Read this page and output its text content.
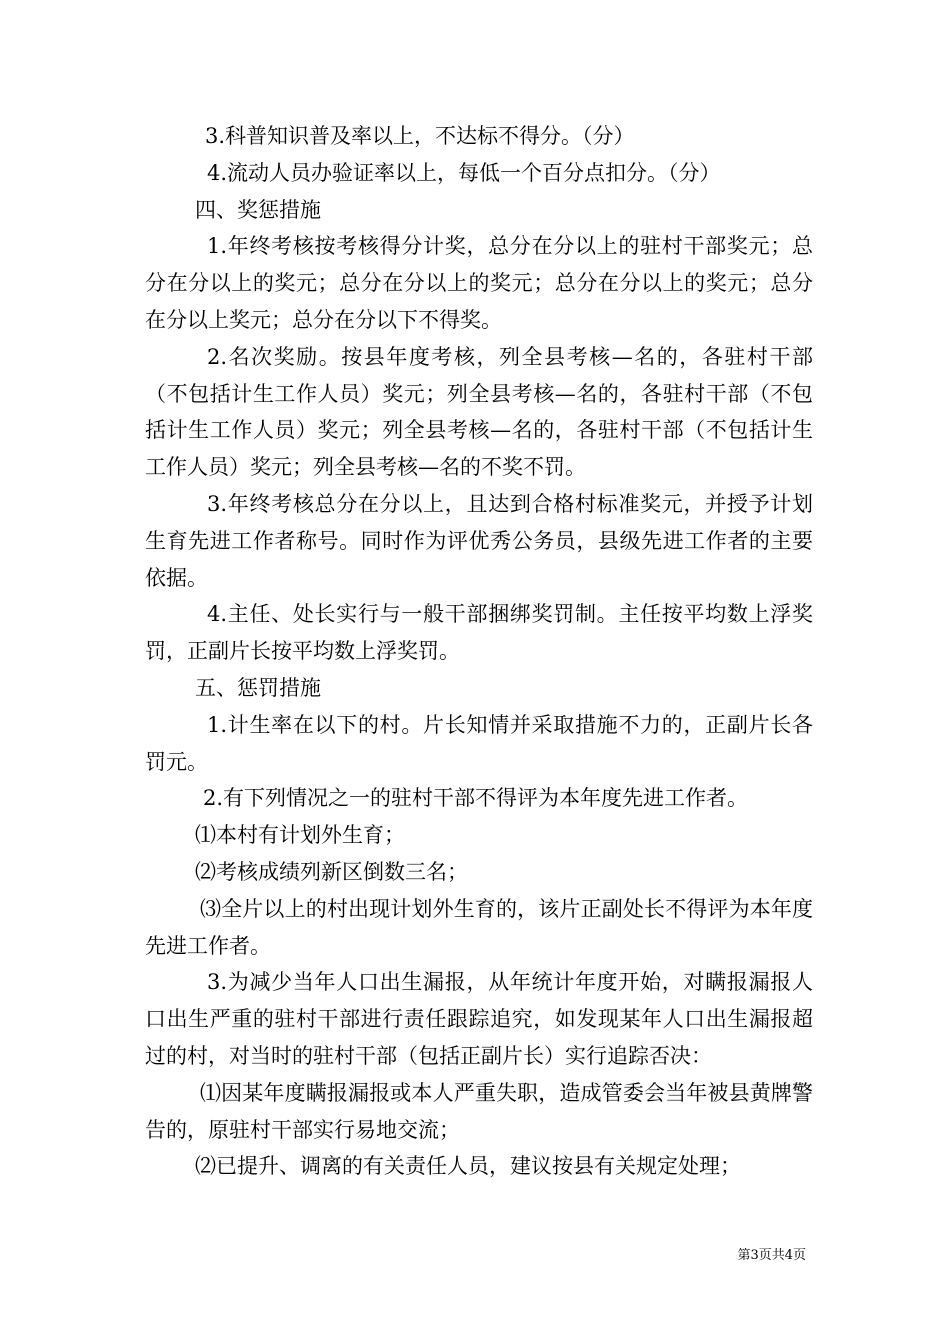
3.科普知识普及率以上，不达标不得分。（分）

4.流动人员办验证率以上，每低一个百分点扣分。（分）

四、奖惩措施

1.年终考核按考核得分计奖，总分在分以上的驻村干部奖元；总分在分以上的奖元；总分在分以上的奖元；总分在分以上的奖元；总分在分以上奖元；总分在分以下不得奖。

2.名次奖励。按县年度考核，列全县考核—名的，各驻村干部（不包括计生工作人员）奖元；列全县考核—名的，各驻村干部（不包括计生工作人员）奖元；列全县考核—名的，各驻村干部（不包括计生工作人员）奖元；列全县考核—名的不奖不罚。

3.年终考核总分在分以上，且达到合格村标准奖元，并授予计划生育先进工作者称号。同时作为评优秀公务员，县级先进工作者的主要依据。

4.主任、处长实行与一般干部捆绑奖罚制。主任按平均数上浮奖罚，正副片长按平均数上浮奖罚。

五、惩罚措施

1.计生率在以下的村。片长知情并采取措施不力的，正副片长各罚元。

2.有下列情况之一的驻村干部不得评为本年度先进工作者。

⑴本村有计划外生育；

⑵考核成绩列新区倒数三名；

⑶全片以上的村出现计划外生育的，该片正副处长不得评为本年度先进工作者。

3.为减少当年人口出生漏报，从年统计年度开始，对瞒报漏报人口出生严重的驻村干部进行责任跟踪追究，如发现某年人口出生漏报超过的村，对当时的驻村干部（包括正副片长）实行追踪否决：

⑴因某年度瞒报漏报或本人严重失职，造成管委会当年被县黄牌警告的，原驻村干部实行易地交流；

⑵已提升、调离的有关责任人员，建议按县有关规定处理；

第3页共4页
